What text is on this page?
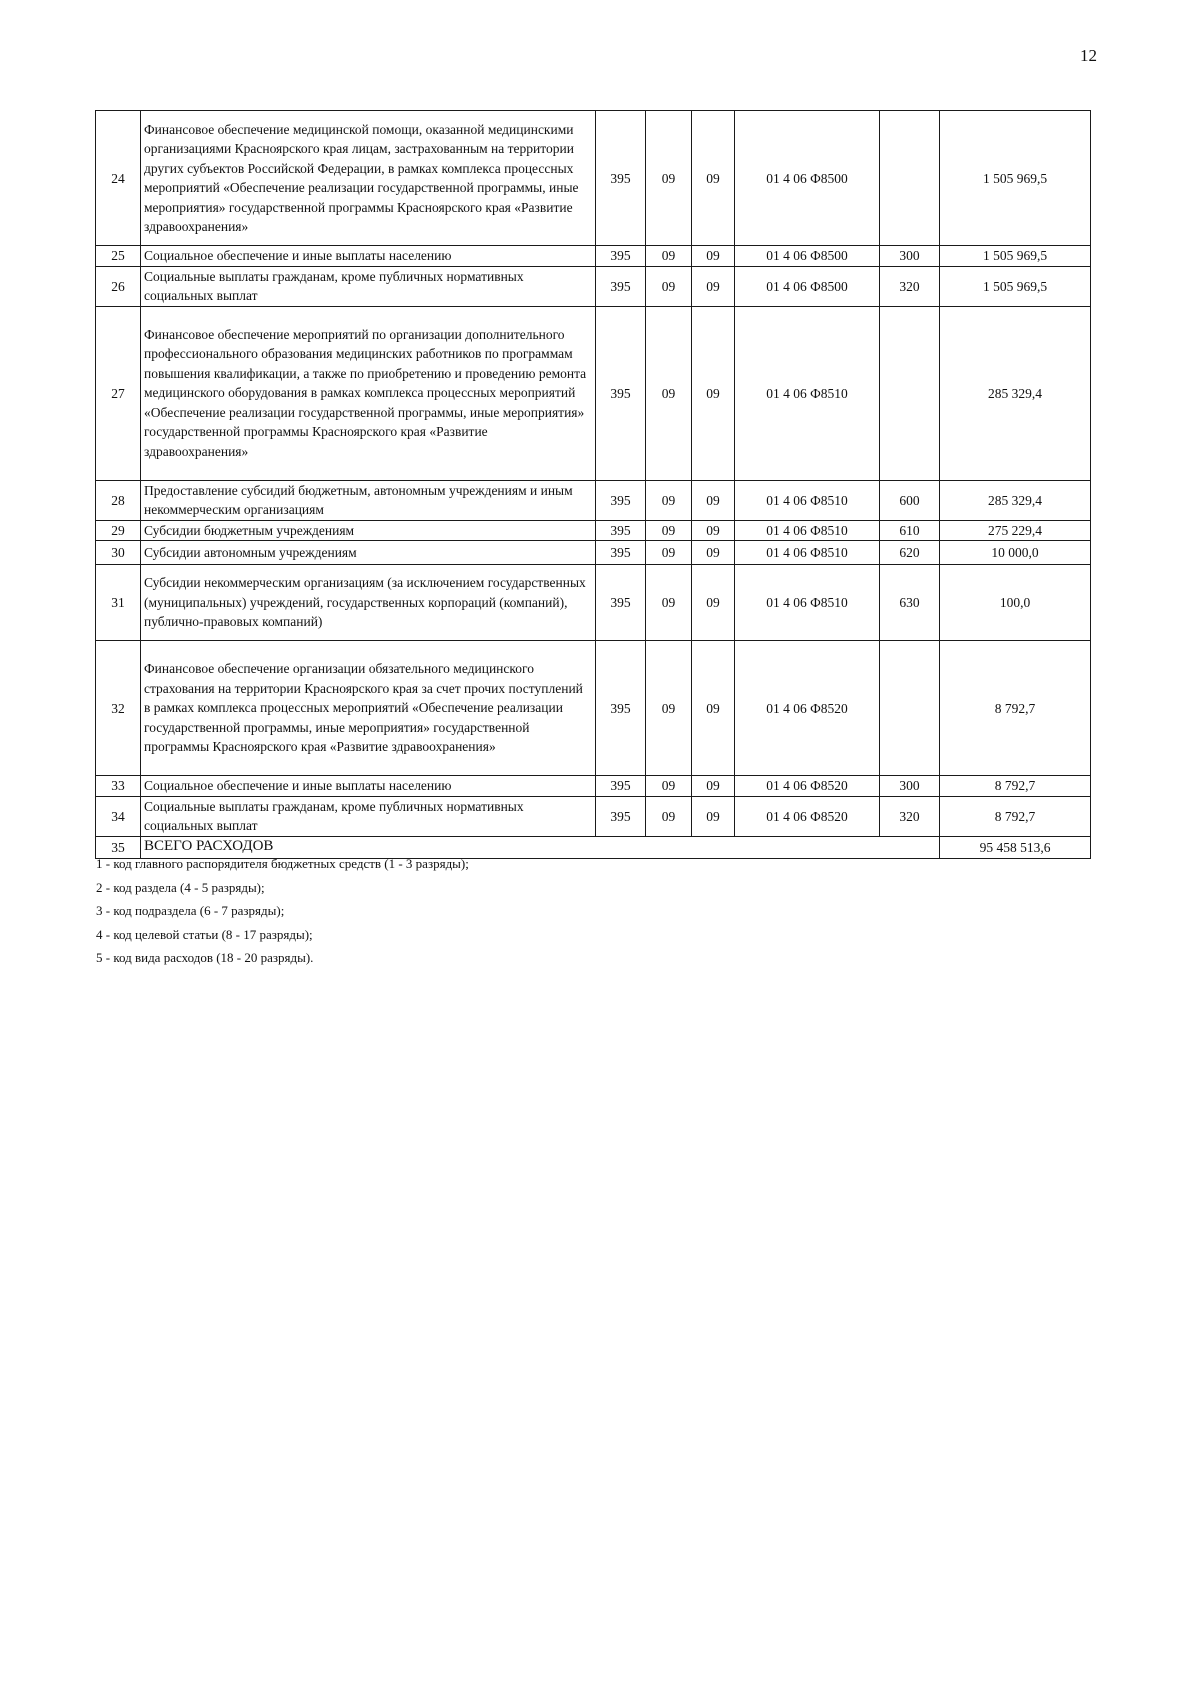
12
24	Финансовое обеспечение медицинской помощи, оказанной медицинскими организациями Красноярского края лицам, застрахованным на территории других субъектов Российской Федерации, в рамках комплекса процессных мероприятий «Обеспечение реализации государственной программы, иные мероприятия» государственной программы Красноярского края «Развитие здравоохранения»	395	09	09	01 4 06 Ф8500		1 505 969,5
25	Социальное обеспечение и иные выплаты населению	395	09	09	01 4 06 Ф8500	300	1 505 969,5
26	Социальные выплаты гражданам, кроме публичных нормативных социальных выплат	395	09	09	01 4 06 Ф8500	320	1 505 969,5
27	Финансовое обеспечение мероприятий по организации дополнительного профессионального образования медицинских работников по программам повышения квалификации, а также по приобретению и проведению ремонта медицинского оборудования в рамках комплекса процессных мероприятий «Обеспечение реализации государственной программы, иные мероприятия» государственной программы Красноярского края «Развитие здравоохранения»	395	09	09	01 4 06 Ф8510		285 329,4
28	Предоставление субсидий бюджетным, автономным учреждениям и иным некоммерческим организациям	395	09	09	01 4 06 Ф8510	600	285 329,4
29	Субсидии бюджетным учреждениям	395	09	09	01 4 06 Ф8510	610	275 229,4
30	Субсидии автономным учреждениям	395	09	09	01 4 06 Ф8510	620	10 000,0
31	Субсидии некоммерческим организациям (за исключением государственных (муниципальных) учреждений, государственных корпораций (компаний), публично-правовых компаний)	395	09	09	01 4 06 Ф8510	630	100,0
32	Финансовое обеспечение организации обязательного медицинского страхования на территории Красноярского края за счет прочих поступлений в рамках комплекса процессных мероприятий «Обеспечение реализации государственной программы, иные мероприятия» государственной программы Красноярского края «Развитие здравоохранения»	395	09	09	01 4 06 Ф8520		8 792,7
33	Социальное обеспечение и иные выплаты населению	395	09	09	01 4 06 Ф8520	300	8 792,7
34	Социальные выплаты гражданам, кроме публичных нормативных социальных выплат	395	09	09	01 4 06 Ф8520	320	8 792,7
35	ВСЕГО РАСХОДОВ						95 458 513,6
1 - код главного распорядителя бюджетных средств (1 - 3 разряды);
2 - код раздела (4 - 5 разряды);
3 - код подраздела (6 - 7 разряды);
4 - код целевой статьи (8 - 17 разряды);
5 - код вида расходов (18 - 20 разряды).
